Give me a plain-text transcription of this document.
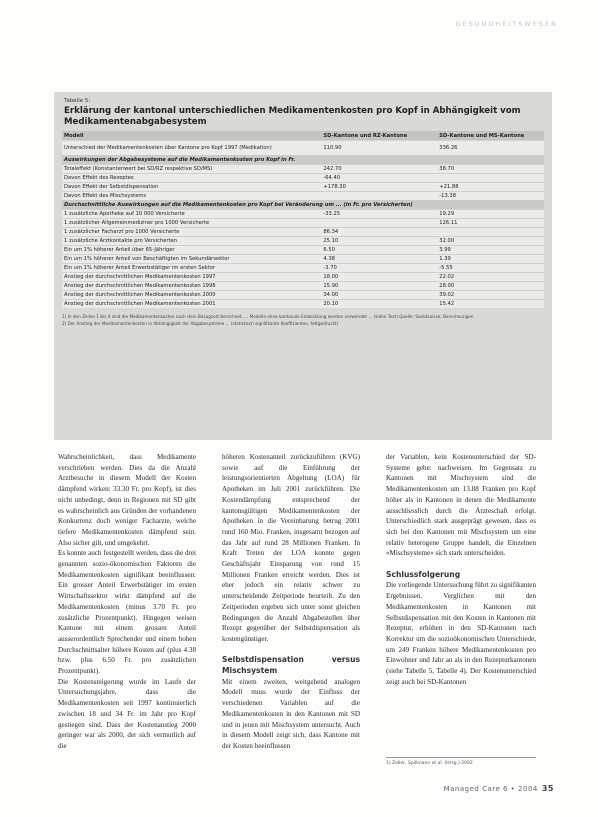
GESUNDHEITSWESEN
Tabelle 5:
Erklärung der kantonal unterschiedlichen Medikamentenkosten pro Kopf in Abhängigkeit vom Medikamentenabgabesystem
Modell	SD-Kantone und RZ-Kantone	SD-Kantone und MS-Kantone
Unterschied der Medikamentenkosten über Kantone pro Kopf 1997 (Medikation)	110.90	336.26
Auswirkungen der Abgabesysteme auf die Medikamentenkosten pro Kopf in Fr.		
Totaleffekt (Konstantenwert bei SD/RZ respektive SD/MS)	242.70	38.70
Davon Effekt des Rezeptes	-64.40	
Davon Effekt der Selbstdispensation	+178.30	+21.88
Davon Effekt des Mischsystems		-13.38
Durchschnittliche Auswirkungen auf die Medikamentenkosten pro Kopf bei Veränderung um ... (in Fr. pro Versicherten)		
1 zusätzliche Apotheke auf 10 000 Versicherte	-33.25	19.29
1 zusätzlicher Allgemeinmediziner pro 1000 Versicherte		126.11
1 zusätzlicher Facharzt pro 1000 Versicherte	86.34	
1 zusätzliche Arztkontakte pro Versicherten	25.10	32.00
Ein um 1% höherer Anteil über 65-Jähriger	6.50	3.99
Ein um 1% höherer Anteil von Beschäftigten im Sekundärsektor	4.38	1.39
Ein um 1% höherer Anteil Erwerbstätiger im ersten Sektor	-3.70	-5.55
Anstieg der durchschnittlichen Medikamentenkosten 1997	18.00	22.02
Anstieg der durchschnittlichen Medikamentenkosten 1998	15.90	28.00
Anstieg der durchschnittlichen Medikamentenkosten 2000	34.00	39.02
Anstieg der durchschnittlichen Medikamentenkosten 2001	20.10	15.42
1) In den Zeilen 1 bis 4 sind die Medikamentenkosten nach dem Bezugsort berechnet, ... Modelle ohne kantonale Entwicklung werden verwendet ... (siehe Text) Quelle: Santésuisse, Berechnungen
2) Der Anstieg der Medikamentenkosten in Abhängigkeit der Abgabesysteme ... (statistisch signifikante Koeffizienten, fettgedruckt)

Wahrscheinlichkeit, dass Medikamente verschrieben werden. Dies da die Anzahl Arztbesuche in diesem Modell der Kosten dämpfend wirken: 33.30 Fr. pro Kopf), ist dies nicht unbedingt, denn in Regionen mit SD gibt es wahrscheinlich aus Gründen der vorhandenen Konkurrenz doch weniger Facharzte, welche tiefere Medikamentenkosten dämpfend sein. Also sicher gilt, und umgekehrt.

Es konnte auch festgestellt werden, dass die drei genannten sozio-ökonomischen Faktoren die Medikamentenkosten signifikant beeinflussen: Ein grosser Anteil Erwerbstätiger im ersten Wirtschaftssektor wirkt dämpfend auf die Medikamentenkosten (minus 3.70 Fr. pro zusätzliche Prozentpunkt). Hingegen weisen Kantone mit einem grossen Anteil ausserordentlich Sprechender und einem hohen Durchschnittsalter höhere Kosten auf (plus 4.38 bzw. plus 6.50 Fr. pro zusätzlichen Prozentpunkt).

Die Kostensteigerung wurde im Laufe der Untersuchungsjahre, dass die Medikamentenkosten seit 1997 kontinuierlich zwischen 18 und 34 Fr. im Jahr pro Kopf gestiegen sind. Dass der Kostenanstieg 2000 geringer war als 2000, der sich vermutlich auf die

höheren Kostenanteil zurückzuführen (KVG) sowie auf die Einführung der leistungsorientierten Abgeltung (LOA) für Apotheken im Juli 2001 zurückführen. Die Kostendämpfung entsprechend der kantonsgültigen Medikamentenkosten der Apotheken in die Vereinbarung betrug 2001 rund 160 Mio. Franken, insgesamt bezogen auf das Jahr auf rund 28 Millionen Franken. In Kraft Treten der LOA konnte gegen Geschäftsjahr Einsparung von rund 15 Millionen Franken erreicht werden. Dies ist eher jedoch ein relativ schwer zu unterscheidende Zeitperiode beurteilt. Zu den Zeitperioden ergeben sich unter sonst gleichen Bedingungen die Anzahl Abgabestellen über Rezept gegenüber der Selbstdispensation als kostengünstiger.

Selbstdispensation versus Mischsystem

Mit einem zweiten, weitgehend analogen Modell muss wurde der Einfluss der verschiedenen Variablen auf die Medikamentenkosten in den Kantonen mit SD und in jenen mit Mischsystem untersucht. Auch in diesem Modell zeigt sich, dass Kantone mit der Kosten beeinflussen

der Variablen, kein Kostenunterschied der SD-Systeme gebe: nachweisen. Im Gegensatz zu Kantonen mit Mischsystem sind die Medikamentenkosten um 13.88 Franken pro Kopf höher als in Kantonen in denen die Medikamente ausschliesslich durch die Ärzteschaft erfolgt. Unterschiedlich stark ausgeprägt gewesen, dass es sich bei den Kantonen mit Mischsystem um eine relativ heterogene Gruppe handelt, die Einzelnen «Mischsysteme» sich stark unterscheiden.

Schlussfolgerung

Die vorliegende Untersuchung führt zu signifikanten Ergebnissen. Verglichen mit den Medikamentenkosten in Kantonen mit Selbstdispensation mit den Kosten in Kantonen mit Rezeptur, erhöhen in den SD-Kantonen nach Korrektur um die sozioökonomischen Unterschiede, um 249 Franken höhere Medikamentenkosten pro Einwohner und Jahr an als in den Rezepturkantonen (siehe Tabelle 5, Tabelle 4). Der Kostenunterschied zeigt auch bei SD-Kantonen

1) Zeller, Spillmann et al. (Hrsg.) 2002
Managed Care 6 • 2004 35
